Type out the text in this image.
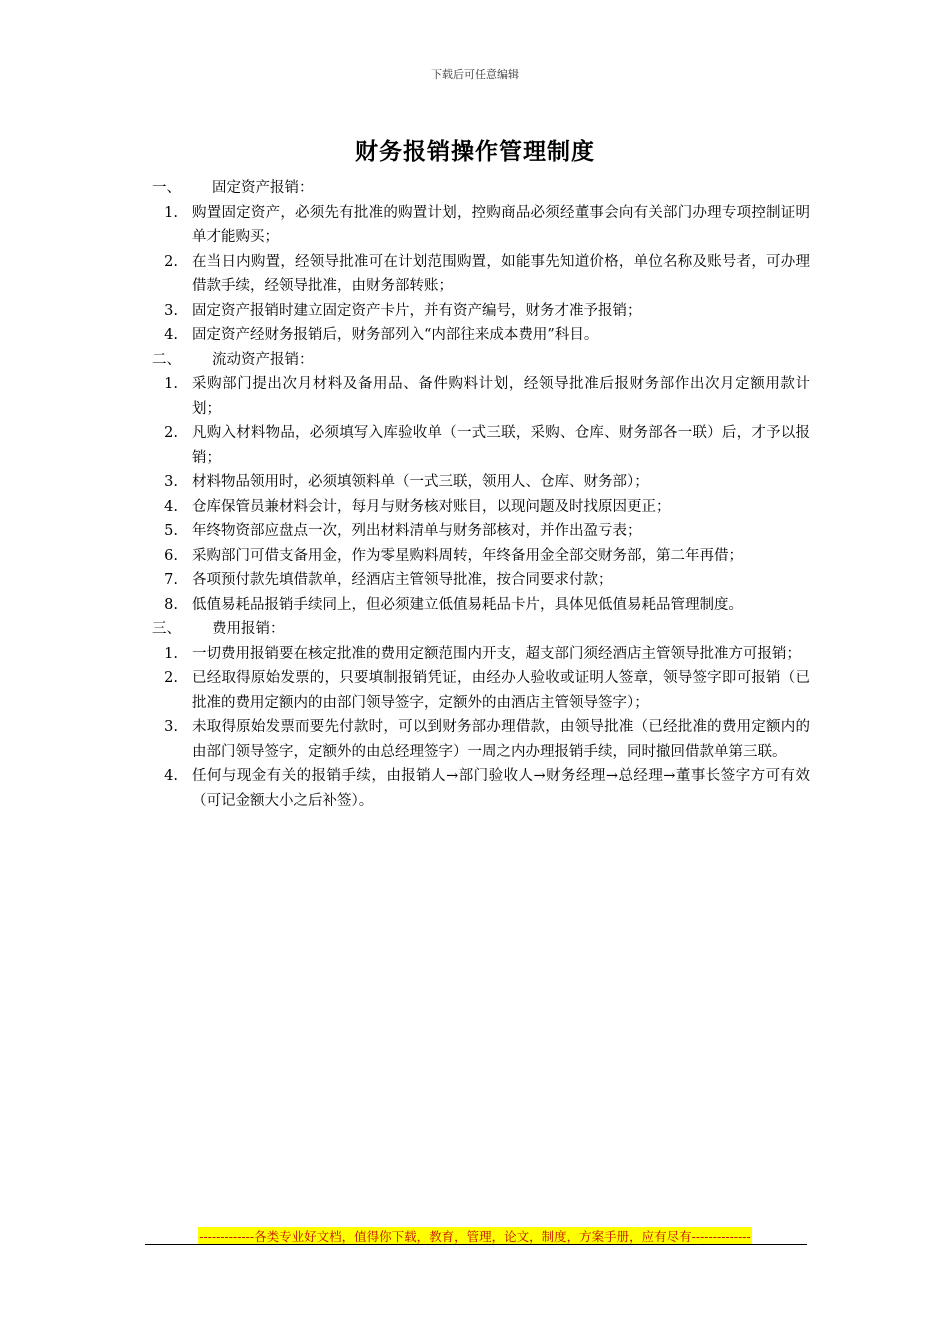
下载后可任意编辑
财务报销操作管理制度
一、	固定资产报销：
1. 购置固定资产，必须先有批准的购置计划，控购商品必须经董事会向有关部门办理专项控制证明单才能购买；
2. 在当日内购置，经领导批准可在计划范围购置，如能事先知道价格，单位名称及账号者，可办理借款手续，经领导批准，由财务部转账；
3. 固定资产报销时建立固定资产卡片，并有资产编号，财务才准予报销；
4. 固定资产经财务报销后，财务部列入“内部往来成本费用”科目。
二、	流动资产报销：
1. 采购部门提出次月材料及备用品、备件购料计划，经领导批准后报财务部作出次月定额用款计划；
2. 凡购入材料物品，必须填写入库验收单（一式三联，采购、仓库、财务部各一联）后，才予以报销；
3. 材料物品领用时，必须填领料单（一式三联，领用人、仓库、财务部）；
4. 仓库保管员兼材料会计，每月与财务核对账目，以现问题及时找原因更正；
5. 年终物资部应盘点一次，列出材料清单与财务部核对，并作出盈亏表；
6. 采购部门可借支备用金，作为零星购料周转，年终备用金全部交财务部，第二年再借；
7. 各项预付款先填借款单，经酒店主管领导批准，按合同要求付款；
8. 低值易耗品报销手续同上，但必须建立低值易耗品卡片，具体见低值易耗品管理制度。
三、	费用报销：
1. 一切费用报销要在核定批准的费用定额范围内开支，超支部门须经酒店主管领导批准方可报销；
2. 已经取得原始发票的，只要填制报销凭证，由经办人验收或证明人签章，领导签字即可报销（已批准的费用定额内的由部门领导签字，定额外的由酒店主管领导签字）；
3. 未取得原始发票而要先付款时，可以到财务部办理借款，由领导批准（已经批准的费用定额内的由部门领导签字，定额外的由总经理签字）一周之内办理报销手续，同时撤回借款单第三联。
4. 任何与现金有关的报销手续，由报销人→部门验收人→财务经理→总经理→董事长签字方可有效（可记金额大小之后补签）。
-------------各类专业好文档，值得你下载，教育，管理，论文，制度，方案手册，应有尽有--------------
